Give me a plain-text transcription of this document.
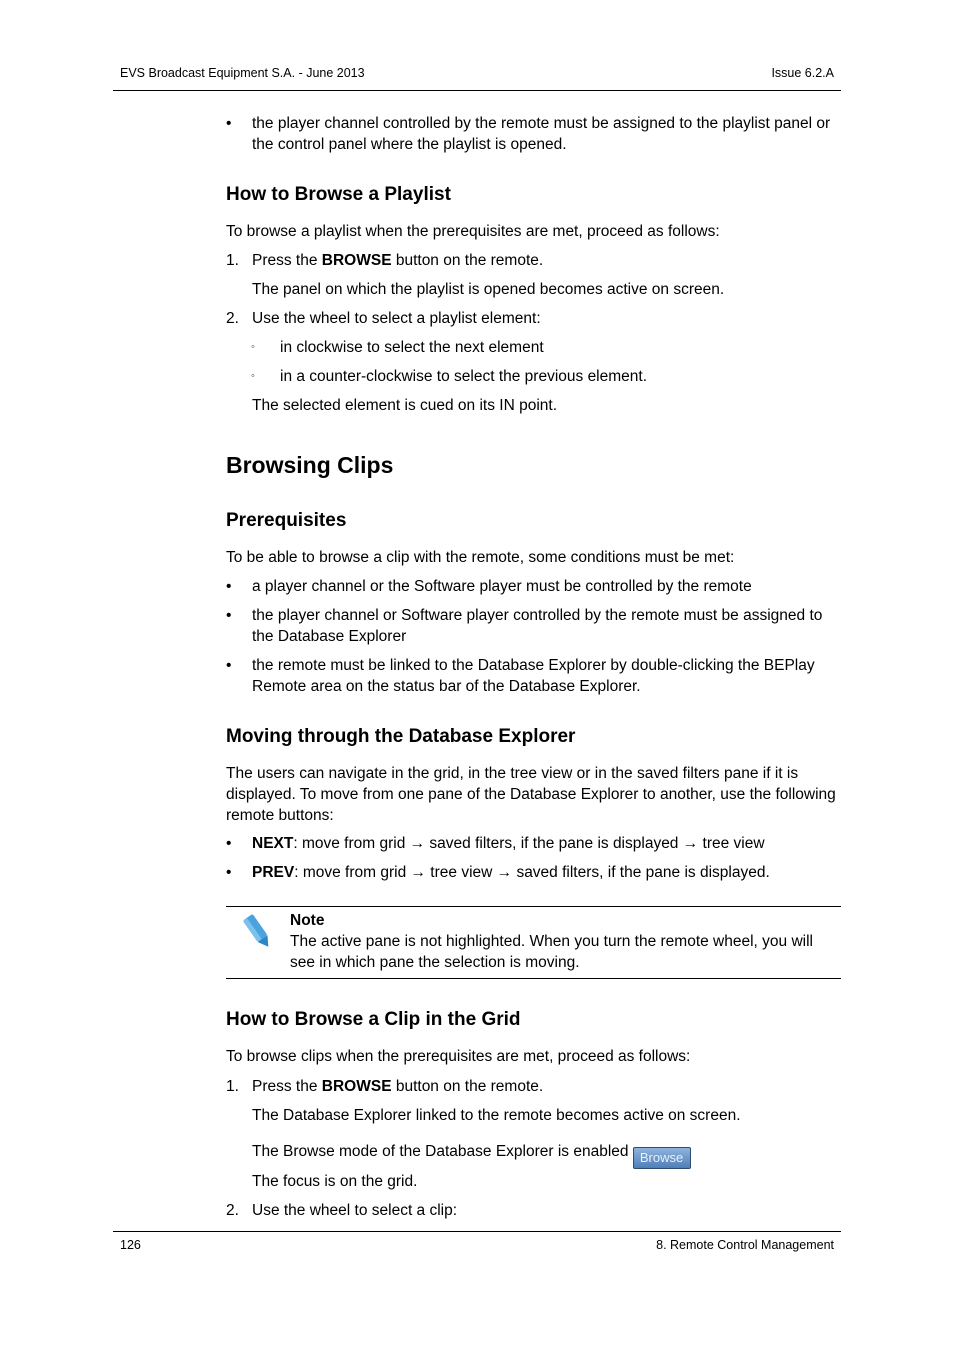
EVS Broadcast Equipment S.A. - June 2013	Issue 6.2.A
• the player channel controlled by the remote must be assigned to the playlist panel or the control panel where the playlist is opened.
How to Browse a Playlist
To browse a playlist when the prerequisites are met, proceed as follows:
1. Press the BROWSE button on the remote.
The panel on which the playlist is opened becomes active on screen.
2. Use the wheel to select a playlist element:
◦ in clockwise to select the next element
◦ in a counter-clockwise to select the previous element.
The selected element is cued on its IN point.
Browsing Clips
Prerequisites
To be able to browse a clip with the remote, some conditions must be met:
• a player channel or the Software player must be controlled by the remote
• the player channel or Software player controlled by the remote must be assigned to the Database Explorer
• the remote must be linked to the Database Explorer by double-clicking the BEPlay Remote area on the status bar of the Database Explorer.
Moving through the Database Explorer
The users can navigate in the grid, in the tree view or in the saved filters pane if it is displayed. To move from one pane of the Database Explorer to another, use the following remote buttons:
• NEXT: move from grid → saved filters, if the pane is displayed → tree view
• PREV: move from grid → tree view → saved filters, if the pane is displayed.
Note
The active pane is not highlighted. When you turn the remote wheel, you will see in which pane the selection is moving.
How to Browse a Clip in the Grid
To browse clips when the prerequisites are met, proceed as follows:
1. Press the BROWSE button on the remote.
The Database Explorer linked to the remote becomes active on screen.
The Browse mode of the Database Explorer is enabled Browse
The focus is on the grid.
2. Use the wheel to select a clip:
126	8. Remote Control Management
